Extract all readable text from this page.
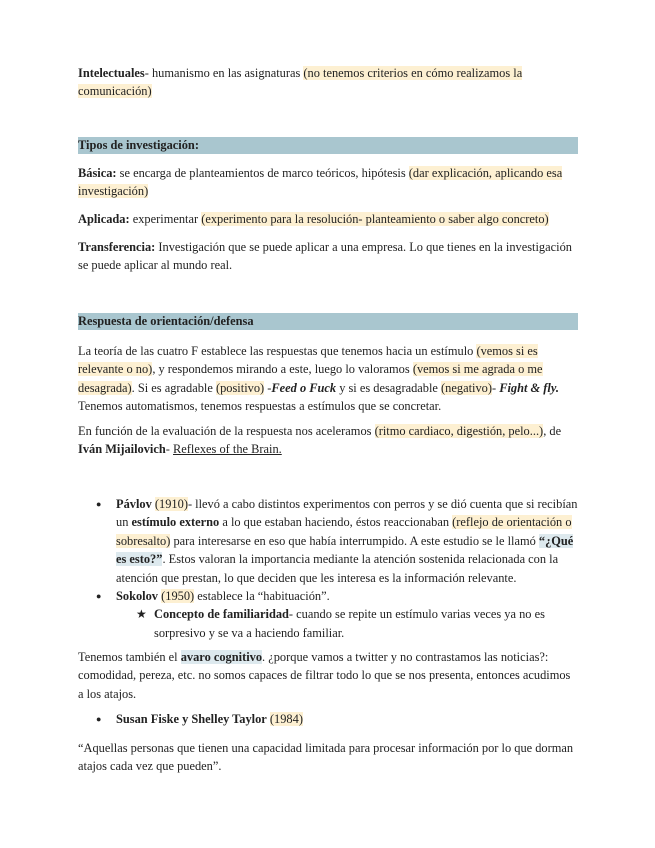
Intelectuales- humanismo en las asignaturas (no tenemos criterios en cómo realizamos la comunicación)

Tipos de investigación:

Básica: se encarga de planteamientos de marco teóricos, hipótesis (dar explicación, aplicando esa investigación)

Aplicada: experimentar (experimento para la resolución- planteamiento o saber algo concreto)

Transferencia: Investigación que se puede aplicar a una empresa. Lo que tienes en la investigación se puede aplicar al mundo real.

Respuesta de orientación/defensa

La teoría de las cuatro F establece las respuestas que tenemos hacia un estímulo (vemos si es relevante o no), y respondemos mirando a este, luego lo valoramos (vemos si me agrada o me desagrada). Si es agradable (positivo) -Feed o Fuck y si es desagradable (negativo)- Fight & fly. Tenemos automatismos, tenemos respuestas a estímulos que se concretar.

En función de la evaluación de la respuesta nos aceleramos (ritmo cardiaco, digestión, pelo...), de Iván Mijailovich- Reflexes of the Brain.

● Pávlov (1910)- llevó a cabo distintos experimentos con perros y se dió cuenta que si recibían un estímulo externo a lo que estaban haciendo, éstos reaccionaban (reflejo de orientación o sobresalto) para interesarse en eso que había interrumpido. A este estudio se le llamó “¿Qué es esto?”. Estos valoran la importancia mediante la atención sostenida relacionada con la atención que prestan, lo que deciden que les interesa es la información relevante.
● Sokolov (1950) establece la “habituación”.
★ Concepto de familiaridad- cuando se repite un estímulo varias veces ya no es sorpresivo y se va a haciendo familiar.

Tenemos también el avaro cognitivo. ¿porque vamos a twitter y no contrastamos las noticias?: comodidad, pereza, etc. no somos capaces de filtrar todo lo que se nos presenta, entonces acudimos a los atajos.

● Susan Fiske y Shelley Taylor (1984)

“Aquellas personas que tienen una capacidad limitada para procesar información por lo que dorman atajos cada vez que pueden”.
